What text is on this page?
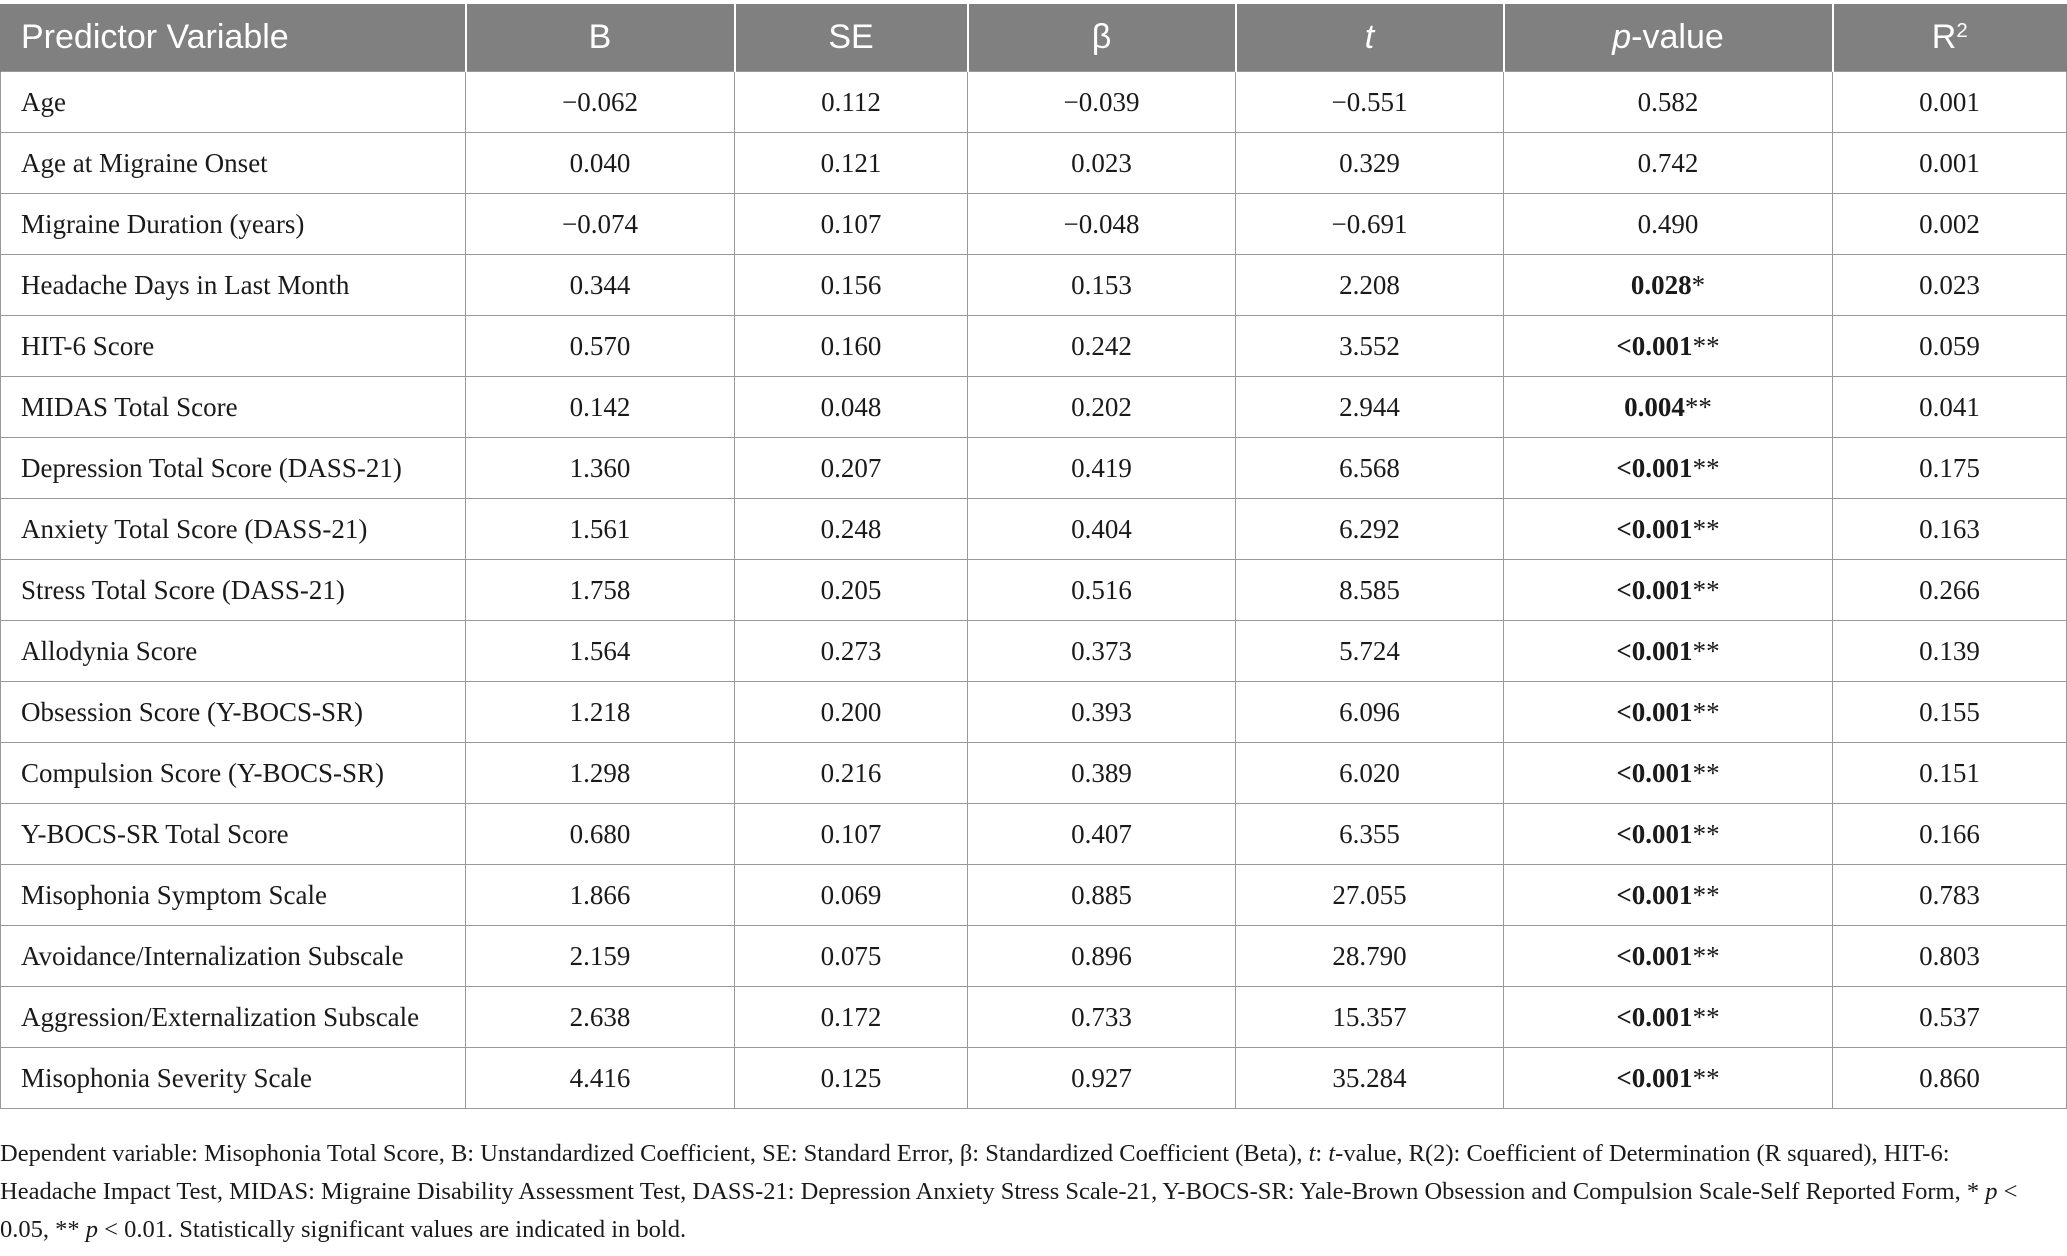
Predictor Variable	B	SE	β	t	p-value	$R^2$
Age	−0.062	0.112	−0.039	−0.551	0.582	0.001
Age at Migraine Onset	0.040	0.121	0.023	0.329	0.742	0.001
Migraine Duration (years)	−0.074	0.107	−0.048	−0.691	0.490	0.002
Headache Days in Last Month	0.344	0.156	0.153	2.208	0.028*	0.023
HIT-6 Score	0.570	0.160	0.242	3.552	<0.001**	0.059
MIDAS Total Score	0.142	0.048	0.202	2.944	0.004**	0.041
Depression Total Score (DASS-21)	1.360	0.207	0.419	6.568	<0.001**	0.175
Anxiety Total Score (DASS-21)	1.561	0.248	0.404	6.292	<0.001**	0.163
Stress Total Score (DASS-21)	1.758	0.205	0.516	8.585	<0.001**	0.266
Allodynia Score	1.564	0.273	0.373	5.724	<0.001**	0.139
Obsession Score (Y-BOCS-SR)	1.218	0.200	0.393	6.096	<0.001**	0.155
Compulsion Score (Y-BOCS-SR)	1.298	0.216	0.389	6.020	<0.001**	0.151
Y-BOCS-SR Total Score	0.680	0.107	0.407	6.355	<0.001**	0.166
Misophonia Symptom Scale	1.866	0.069	0.885	27.055	<0.001**	0.783
Avoidance/Internalization Subscale	2.159	0.075	0.896	28.790	<0.001**	0.803
Aggression/Externalization Subscale	2.638	0.172	0.733	15.357	<0.001**	0.537
Misophonia Severity Scale	4.416	0.125	0.927	35.284	<0.001**	0.860
Dependent variable: Misophonia Total Score, B: Unstandardized Coefficient, SE: Standard Error, β: Standardized Coefficient (Beta), t: t-value, R(2): Coefficient of Determination (R squared), HIT-6: Headache Impact Test, MIDAS: Migraine Disability Assessment Test, DASS-21: Depression Anxiety Stress Scale-21, Y-BOCS-SR: Yale-Brown Obsession and Compulsion Scale-Self Reported Form, * p < 0.05, ** p < 0.01. Statistically significant values are indicated in bold.
